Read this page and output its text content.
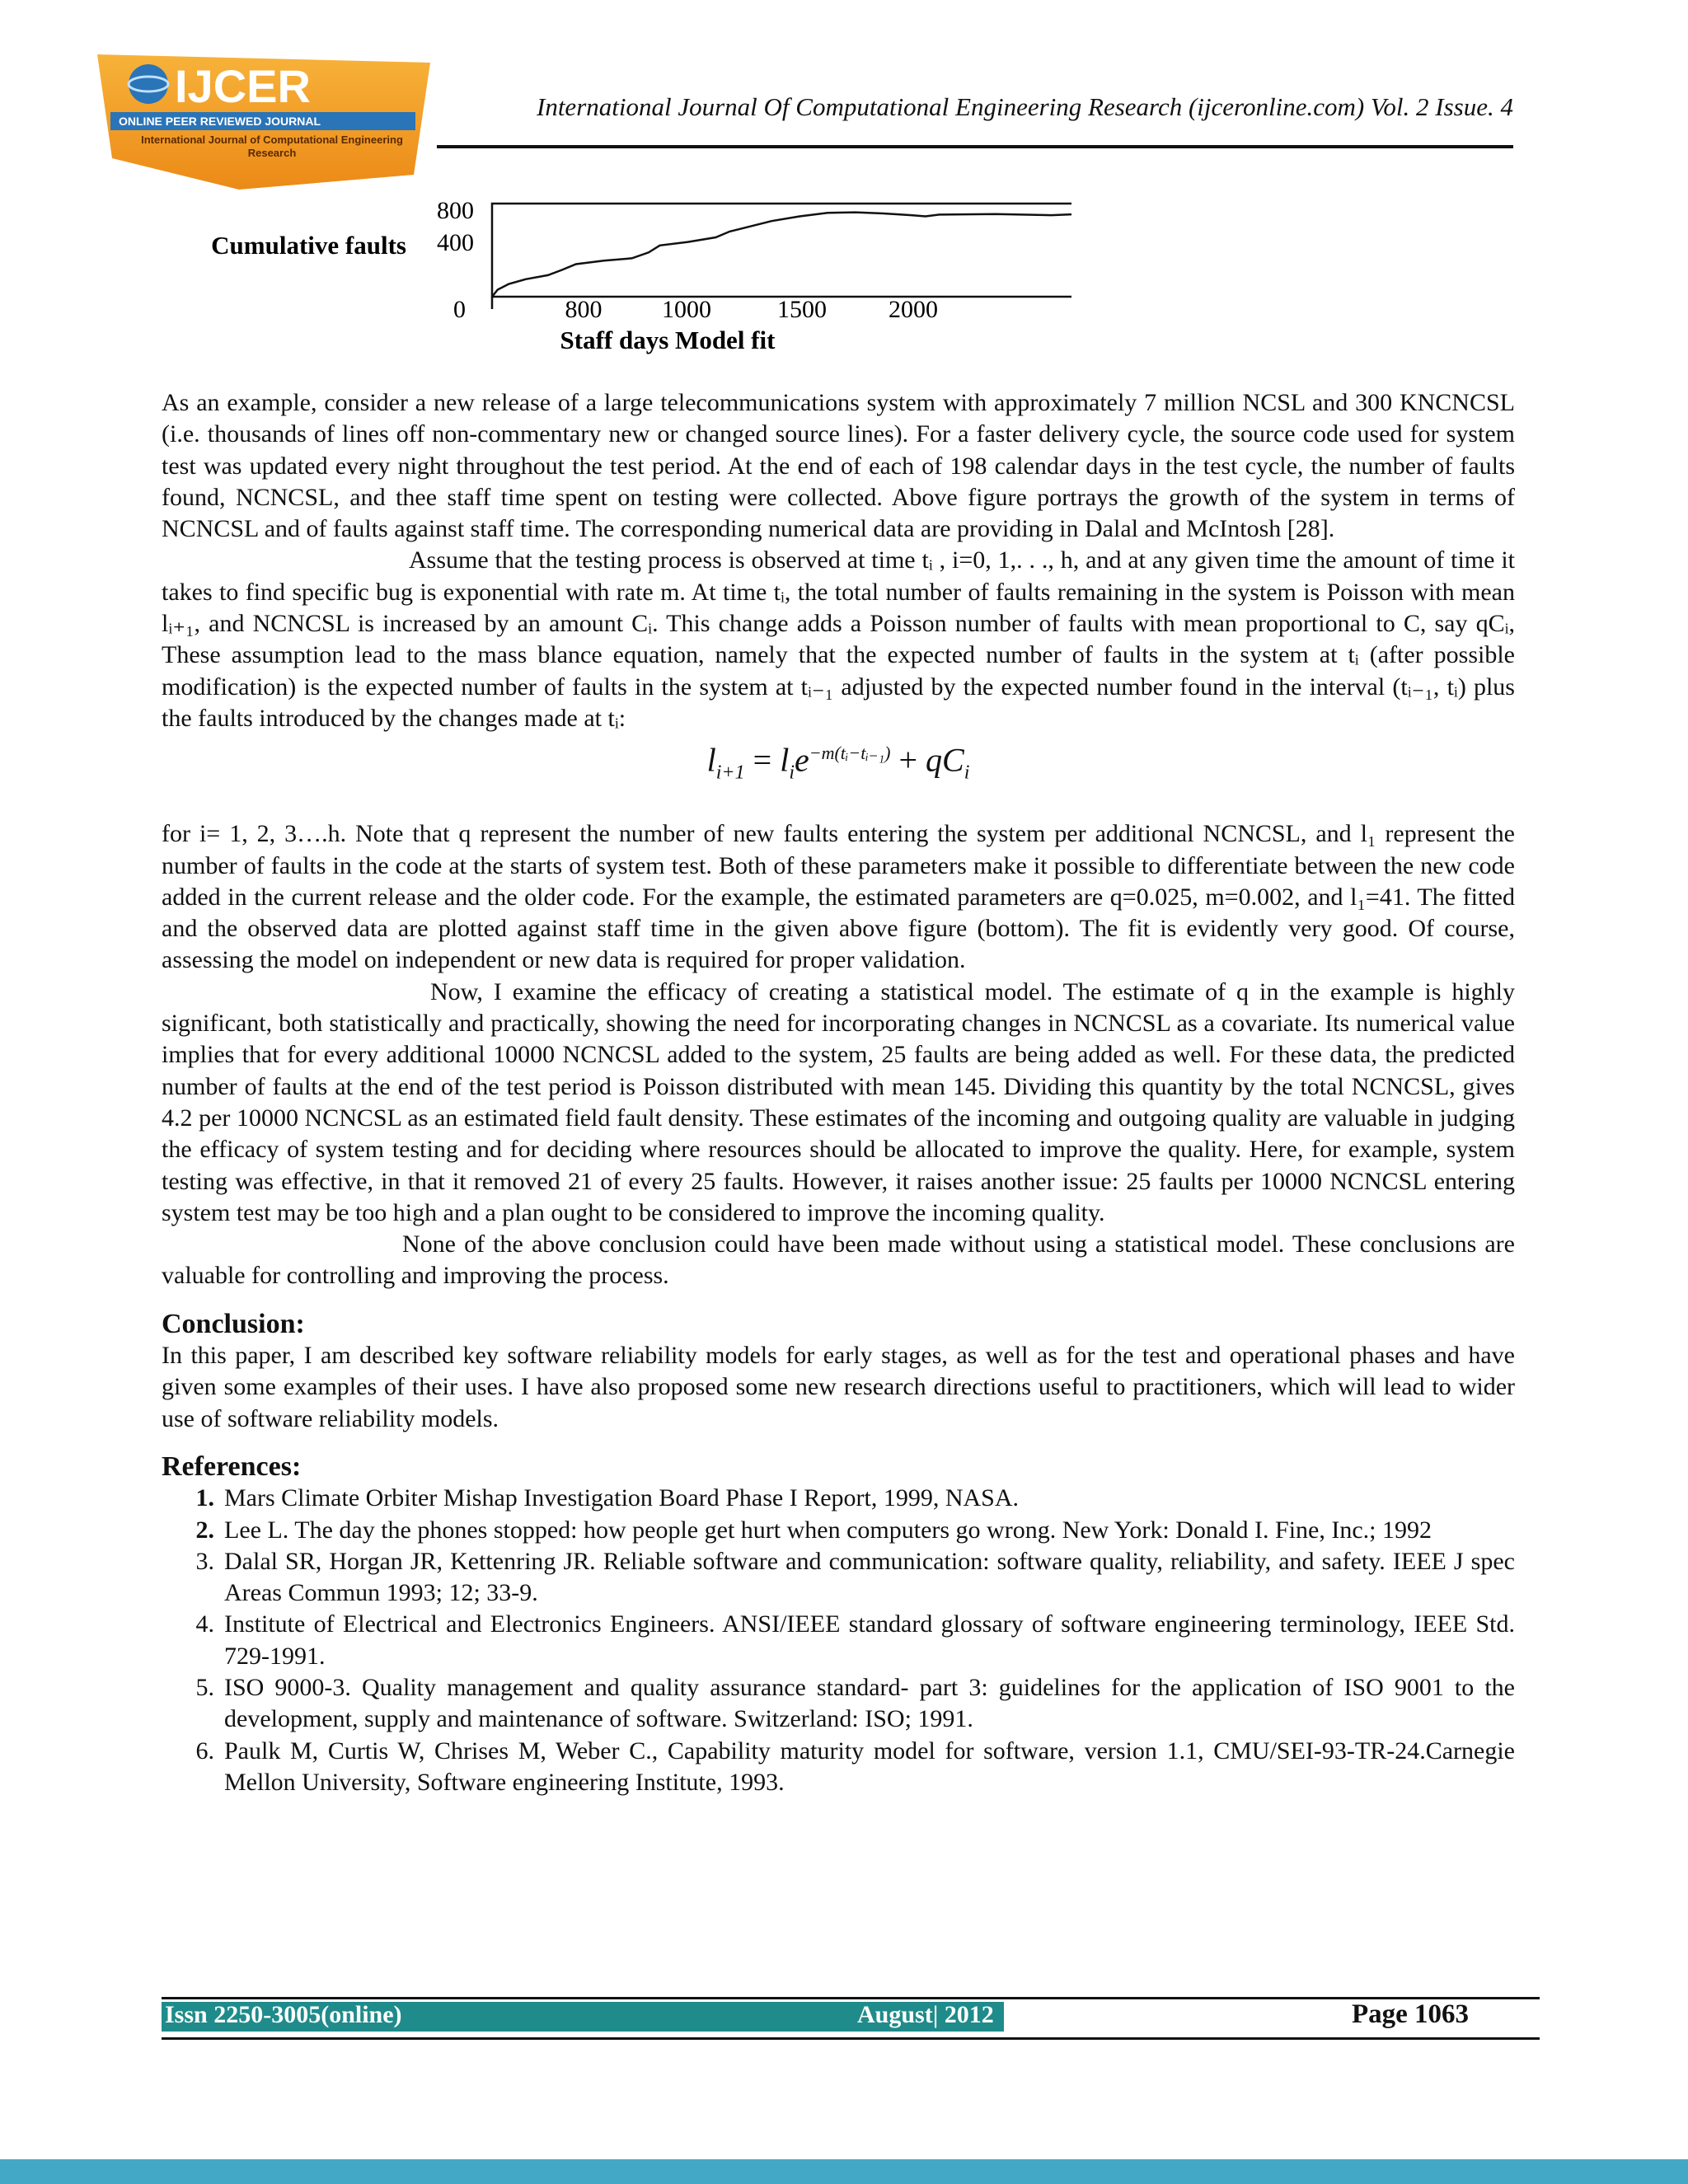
IJCER
ONLINE PEER REVIEWED JOURNAL
International Journal of Computational Engineering Research
International Journal Of Computational Engineering Research (ijceronline.com) Vol. 2 Issue. 4
Cumulative faults
800
400
0	800 1000	1500	2000
Staff days Model fit

As an example, consider a new release of a large telecommunications system with approximately 7 million NCSL and 300 KNCNCSL (i.e. thousands of lines off non-commentary new or changed source lines). For a faster delivery cycle, the source code used for system test was updated every night throughout the test period. At the end of each of 198 calendar days in the test cycle, the number of faults found, NCNCSL, and thee staff time spent on testing were collected. Above figure portrays the growth of the system in terms of NCNCSL and of faults against staff time. The corresponding numerical data are providing in Dalal and McIntosh [28].

Assume that the testing process is observed at time tᵢ , i=0, 1,. . ., h, and at any given time the amount of time it takes to find specific bug is exponential with rate m. At time tᵢ, the total number of faults remaining in the system is Poisson with mean lᵢ₊₁, and NCNCSL is increased by an amount Cᵢ. This change adds a Poisson number of faults with mean proportional to C, say qCᵢ, These assumption lead to the mass blance equation, namely that the expected number of faults in the system at tᵢ (after possible modification) is the expected number of faults in the system at tᵢ₋₁ adjusted by the expected number found in the interval (tᵢ₋₁, tᵢ) plus the faults introduced by the changes made at tᵢ:

$l_{i+1} = l_ie^{-m(tᵢ-tᵢ_{-1})} + qC_i$

for i= 1, 2, 3….h. Note that q represent the number of new faults entering the system per additional NCNCSL, and l₁ represent the number of faults in the code at the starts of system test. Both of these parameters make it possible to differentiate between the new code added in the current release and the older code. For the example, the estimated parameters are q=0.025, m=0.002, and l₁=41. The fitted and the observed data are plotted against staff time in the given above figure (bottom). The fit is evidently very good. Of course, assessing the model on independent or new data is required for proper validation.

Now, I examine the efficacy of creating a statistical model. The estimate of q in the example is highly significant, both statistically and practically, showing the need for incorporating changes in NCNCSL as a covariate. Its numerical value implies that for every additional 10000 NCNCSL added to the system, 25 faults are being added as well. For these data, the predicted number of faults at the end of the test period is Poisson distributed with mean 145. Dividing this quantity by the total NCNCSL, gives 4.2 per 10000 NCNCSL as an estimated field fault density. These estimates of the incoming and outgoing quality are valuable in judging the efficacy of system testing and for deciding where resources should be allocated to improve the quality. Here, for example, system testing was effective, in that it removed 21 of every 25 faults. However, it raises another issue: 25 faults per 10000 NCNCSL entering system test may be too high and a plan ought to be considered to improve the incoming quality.

None of the above conclusion could have been made without using a statistical model. These conclusions are valuable for controlling and improving the process.

Conclusion:

In this paper, I am described key software reliability models for early stages, as well as for the test and operational phases and have given some examples of their uses. I have also proposed some new research directions useful to practitioners, which will lead to wider use of software reliability models.

References:

1. Mars Climate Orbiter Mishap Investigation Board Phase I Report, 1999, NASA.
2. Lee L. The day the phones stopped: how people get hurt when computers go wrong. New York: Donald I. Fine, Inc.; 1992
3. Dalal SR, Horgan JR, Kettenring JR. Reliable software and communication: software quality, reliability, and safety. IEEE J spec Areas Commun 1993; 12; 33-9.
4. Institute of Electrical and Electronics Engineers. ANSI/IEEE standard glossary of software engineering terminology, IEEE Std. 729-1991.
5. ISO 9000-3. Quality management and quality assurance standard- part 3: guidelines for the application of ISO 9001 to the development, supply and maintenance of software. Switzerland: ISO; 1991.
6. Paulk M, Curtis W, Chrises M, Weber C., Capability maturity model for software, version 1.1, CMU/SEI-93-TR-24.Carnegie Mellon University, Software engineering Institute, 1993.
Issn 2250-3005(online)	August| 2012	Page 1063
